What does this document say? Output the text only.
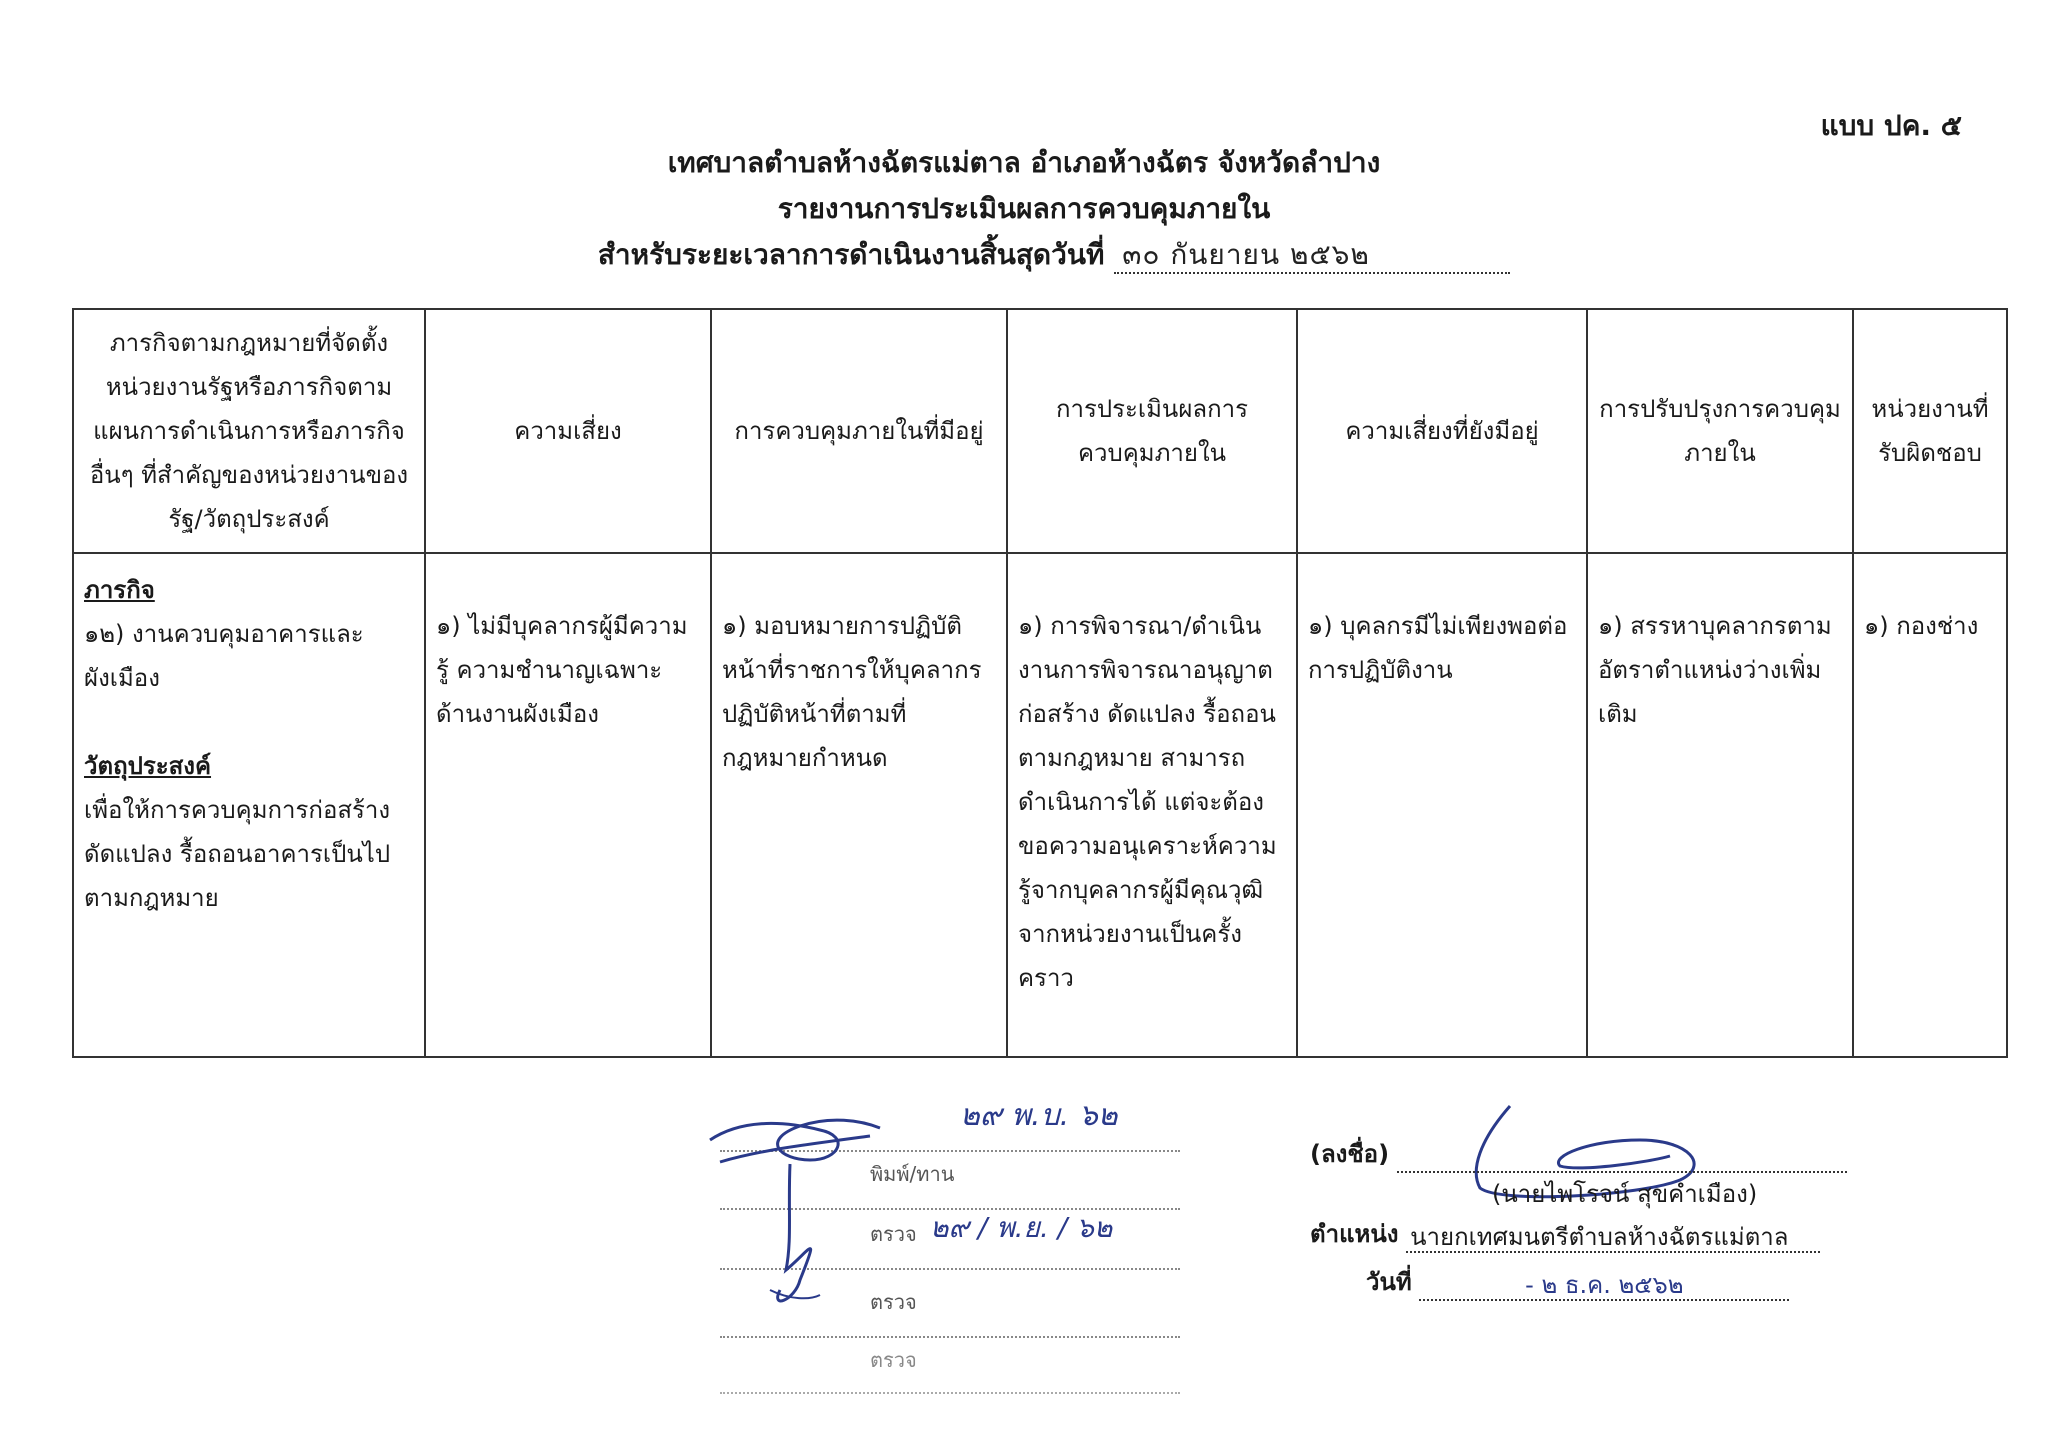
แบบ ปค. ๕
เทศบาลตำบลห้างฉัตรแม่ตาล อำเภอห้างฉัตร จังหวัดลำปาง
รายงานการประเมินผลการควบคุมภายใน
สำหรับระยะเวลาการดำเนินงานสิ้นสุดวันที่ ๓๐ กันยายน ๒๕๖๒
ภารกิจตามกฎหมายที่จัดตั้งหน่วยงานรัฐหรือภารกิจตามแผนการดำเนินการหรือภารกิจอื่นๆ ที่สำคัญของหน่วยงานของรัฐ/วัตถุประสงค์	ความเสี่ยง	การควบคุมภายในที่มีอยู่	การประเมินผลการควบคุมภายใน	ความเสี่ยงที่ยังมีอยู่	การปรับปรุงการควบคุมภายใน	หน่วยงานที่รับผิดชอบ

ภารกิจ
๑๒) งานควบคุมอาคารและผังเมือง
วัตถุประสงค์
เพื่อให้การควบคุมการก่อสร้าง ดัดแปลง รื้อถอนอาคารเป็นไปตามกฎหมาย	๑) ไม่มีบุคลากรผู้มีความรู้ ความชำนาญเฉพาะด้านงานผังเมือง	๑) มอบหมายการปฏิบัติหน้าที่ราชการให้บุคลากรปฏิบัติหน้าที่ตามที่กฎหมายกำหนด	๑) การพิจารณา/ดำเนินงานการพิจารณาอนุญาตก่อสร้าง ดัดแปลง รื้อถอนตามกฎหมาย สามารถดำเนินการได้ แต่จะต้องขอความอนุเคราะห์ความรู้จากบุคลากรผู้มีคุณวุฒิจากหน่วยงานเป็นครั้งคราว	๑) บุคลกรมีไม่เพียงพอต่อการปฏิบัติงาน	๑) สรรหาบุคลากรตามอัตราตำแหน่งว่างเพิ่มเติม	๑) กองช่าง
๒๙ พ.บ. ๖๒
พิมพ์/ทาน
ตรวจ ๒๙ / พ.ย. / ๖๒
ตรวจ
ตรวจ
(ลงชื่อ)
(นายไพโรจน์ สุขคำเมือง)
ตำแหน่ง นายกเทศมนตรีตำบลห้างฉัตรแม่ตาล
วันที่	- ๒ ธ.ค. ๒๕๖๒
